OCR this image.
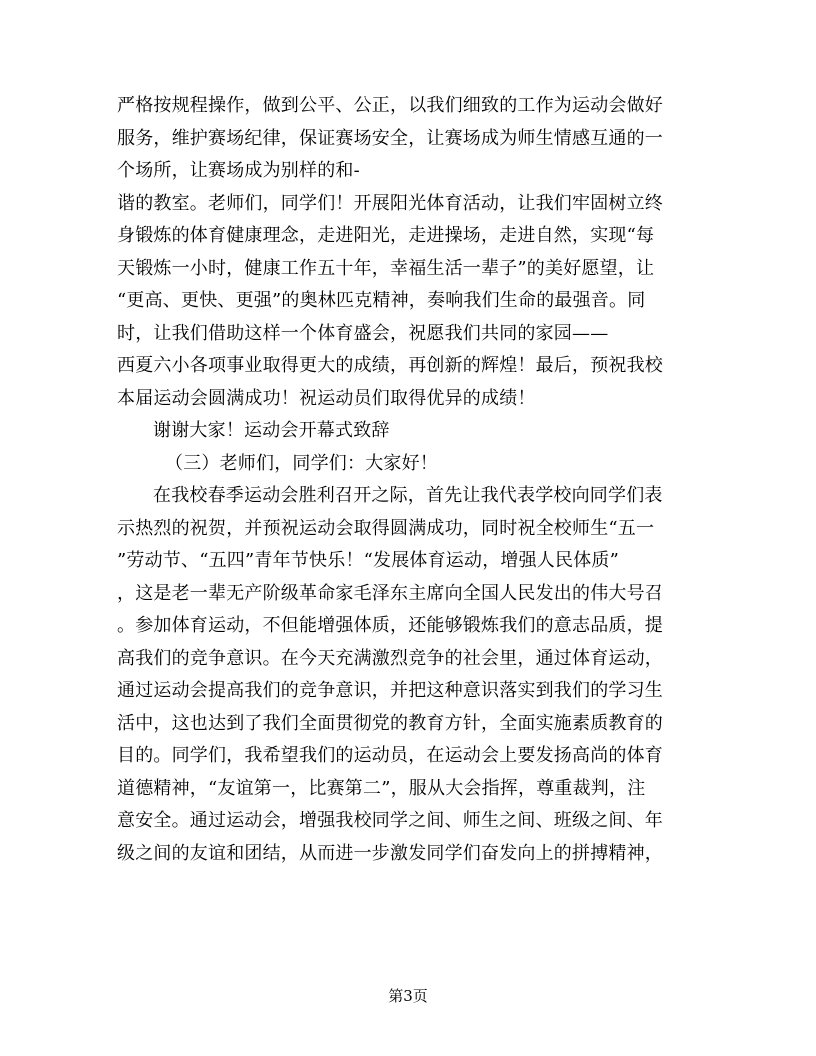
严格按规程操作，做到公平、公正，以我们细致的工作为运动会做好
服务，维护赛场纪律，保证赛场安全，让赛场成为师生情感互通的一
个场所，让赛场成为别样的和-
谐的教室。老师们，同学们！开展阳光体育活动，让我们牢固树立终
身锻炼的体育健康理念，走进阳光，走进操场，走进自然，实现“每
天锻炼一小时，健康工作五十年，幸福生活一辈子”的美好愿望，让
“更高、更快、更强”的奥林匹克精神，奏响我们生命的最强音。同
时，让我们借助这样一个体育盛会，祝愿我们共同的家园——
西夏六小各项事业取得更大的成绩，再创新的辉煌！最后，预祝我校
本届运动会圆满成功！祝运动员们取得优异的成绩！
谢谢大家！运动会开幕式致辞
（三）老师们，同学们：大家好！
在我校春季运动会胜利召开之际，首先让我代表学校向同学们表
示热烈的祝贺，并预祝运动会取得圆满成功，同时祝全校师生“五一
”劳动节、“五四”青年节快乐！“发展体育运动，增强人民体质”
，这是老一辈无产阶级革命家毛泽东主席向全国人民发出的伟大号召
。参加体育运动，不但能增强体质，还能够锻炼我们的意志品质，提
高我们的竞争意识。在今天充满激烈竞争的社会里，通过体育运动，
通过运动会提高我们的竞争意识，并把这种意识落实到我们的学习生
活中，这也达到了我们全面贯彻党的教育方针，全面实施素质教育的
目的。同学们，我希望我们的运动员，在运动会上要发扬高尚的体育
道德精神，“友谊第一，比赛第二”，服从大会指挥，尊重裁判，注
意安全。通过运动会，增强我校同学之间、师生之间、班级之间、年
级之间的友谊和团结，从而进一步激发同学们奋发向上的拼搏精神，
第3页
